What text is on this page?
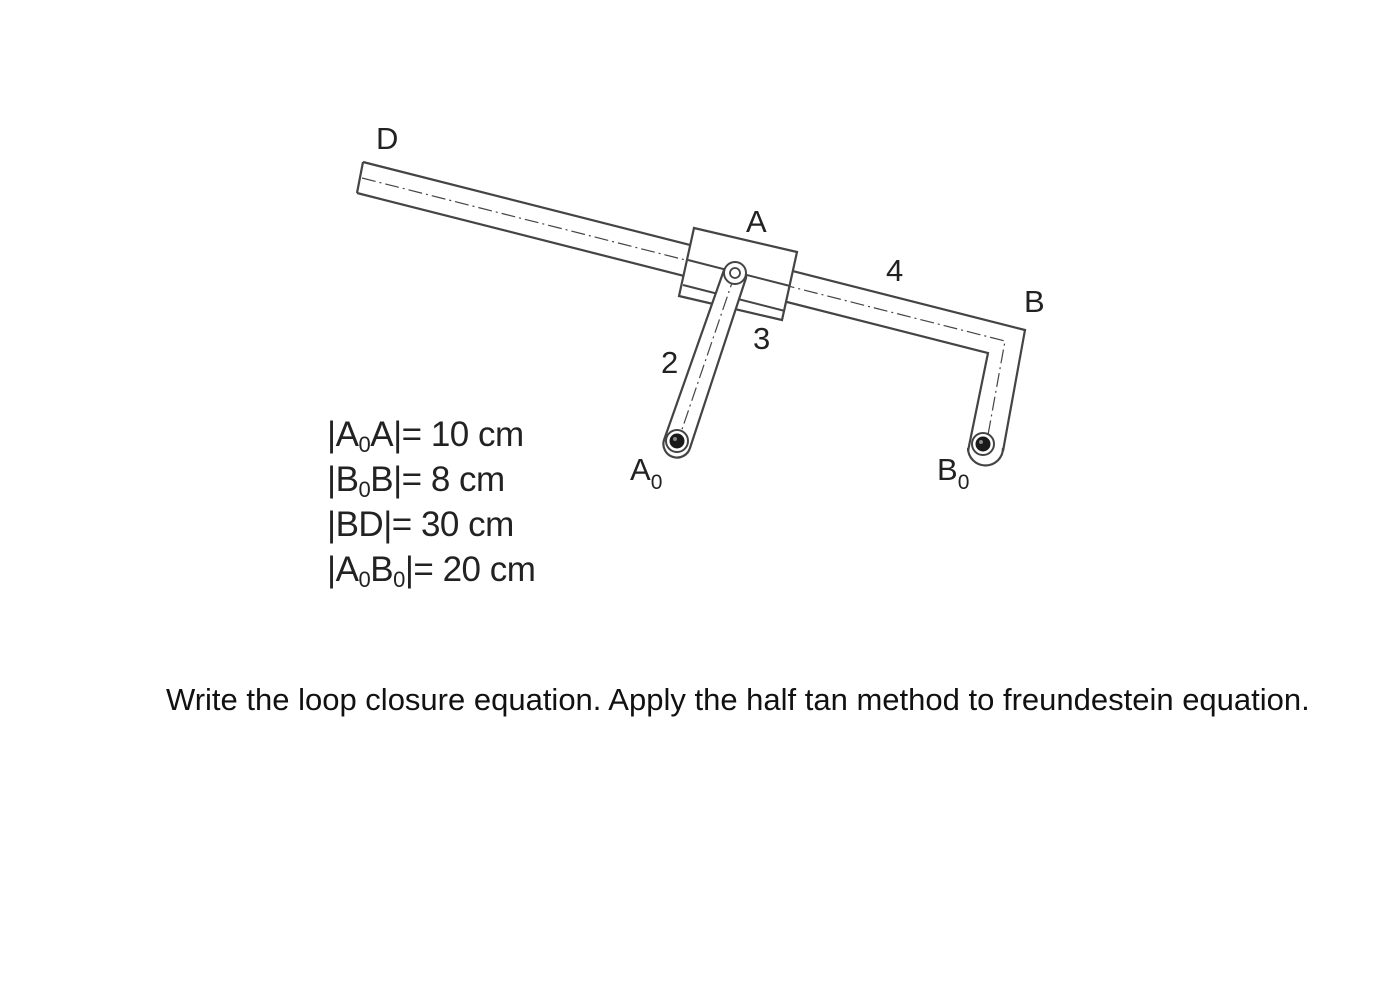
D
A
B
$A_0$	$B_0$
2
3
4
$|A_0A|= 10$ cm
$|B_0B|= 8$ cm
|BD|= 30 cm
$|A_0B_0|= 20$ cm
Write the loop closure equation. Apply the half tan method to freundestein equation.
